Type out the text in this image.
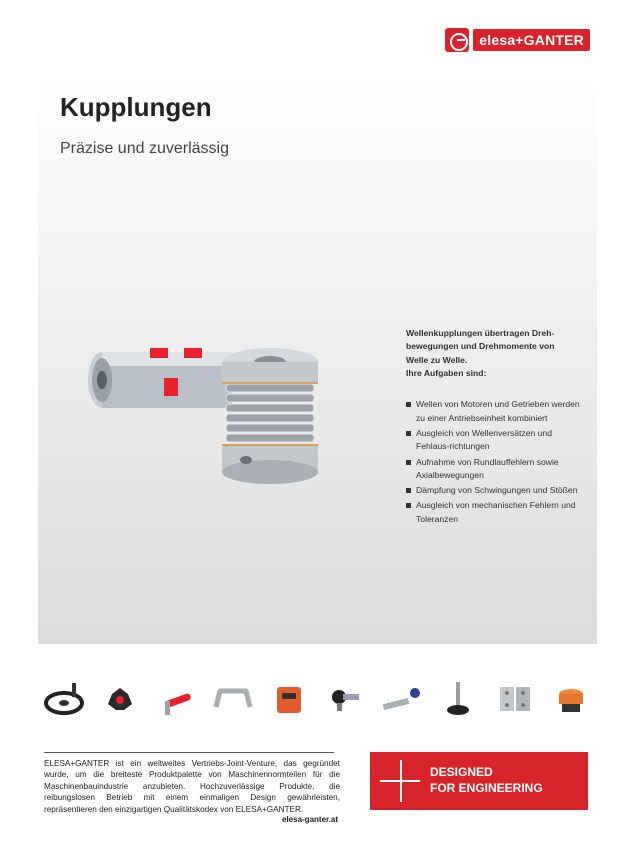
elesa+GANTER
Kupplungen
Präzise und zuverlässig
Wellenkupplungen übertragen Dreh-
bewegungen und Drehmomente von
Welle zu Welle.
Ihre Aufgaben sind:
Wellen von Motoren und Getrieben werden zu einer Antriebseinheit kombiniert
Ausgleich von Wellenversätzen und Fehlaus-richtungen
Aufnahme von Rundlauffehlern sowie Axialbewegungen
Dämpfung von Schwingungen und Stößen
Ausgleich von mechanischen Fehlern und Toleranzen

ELESA+GANTER ist ein weltweites Vertriebs-Joint-Venture, das gegründet wurde, um die breiteste Produktpalette von Maschinennormteilen für die Maschinenbauindustrie anzubieten. Hochzuverlässige Produkte, die reibungslosen Betrieb mit einem einmaligen Design gewährleisten, repräsentieren den einzigartigen Qualitätskodex von ELESA+GANTER.

elesa-ganter.at
DESIGNED
FOR ENGINEERING
